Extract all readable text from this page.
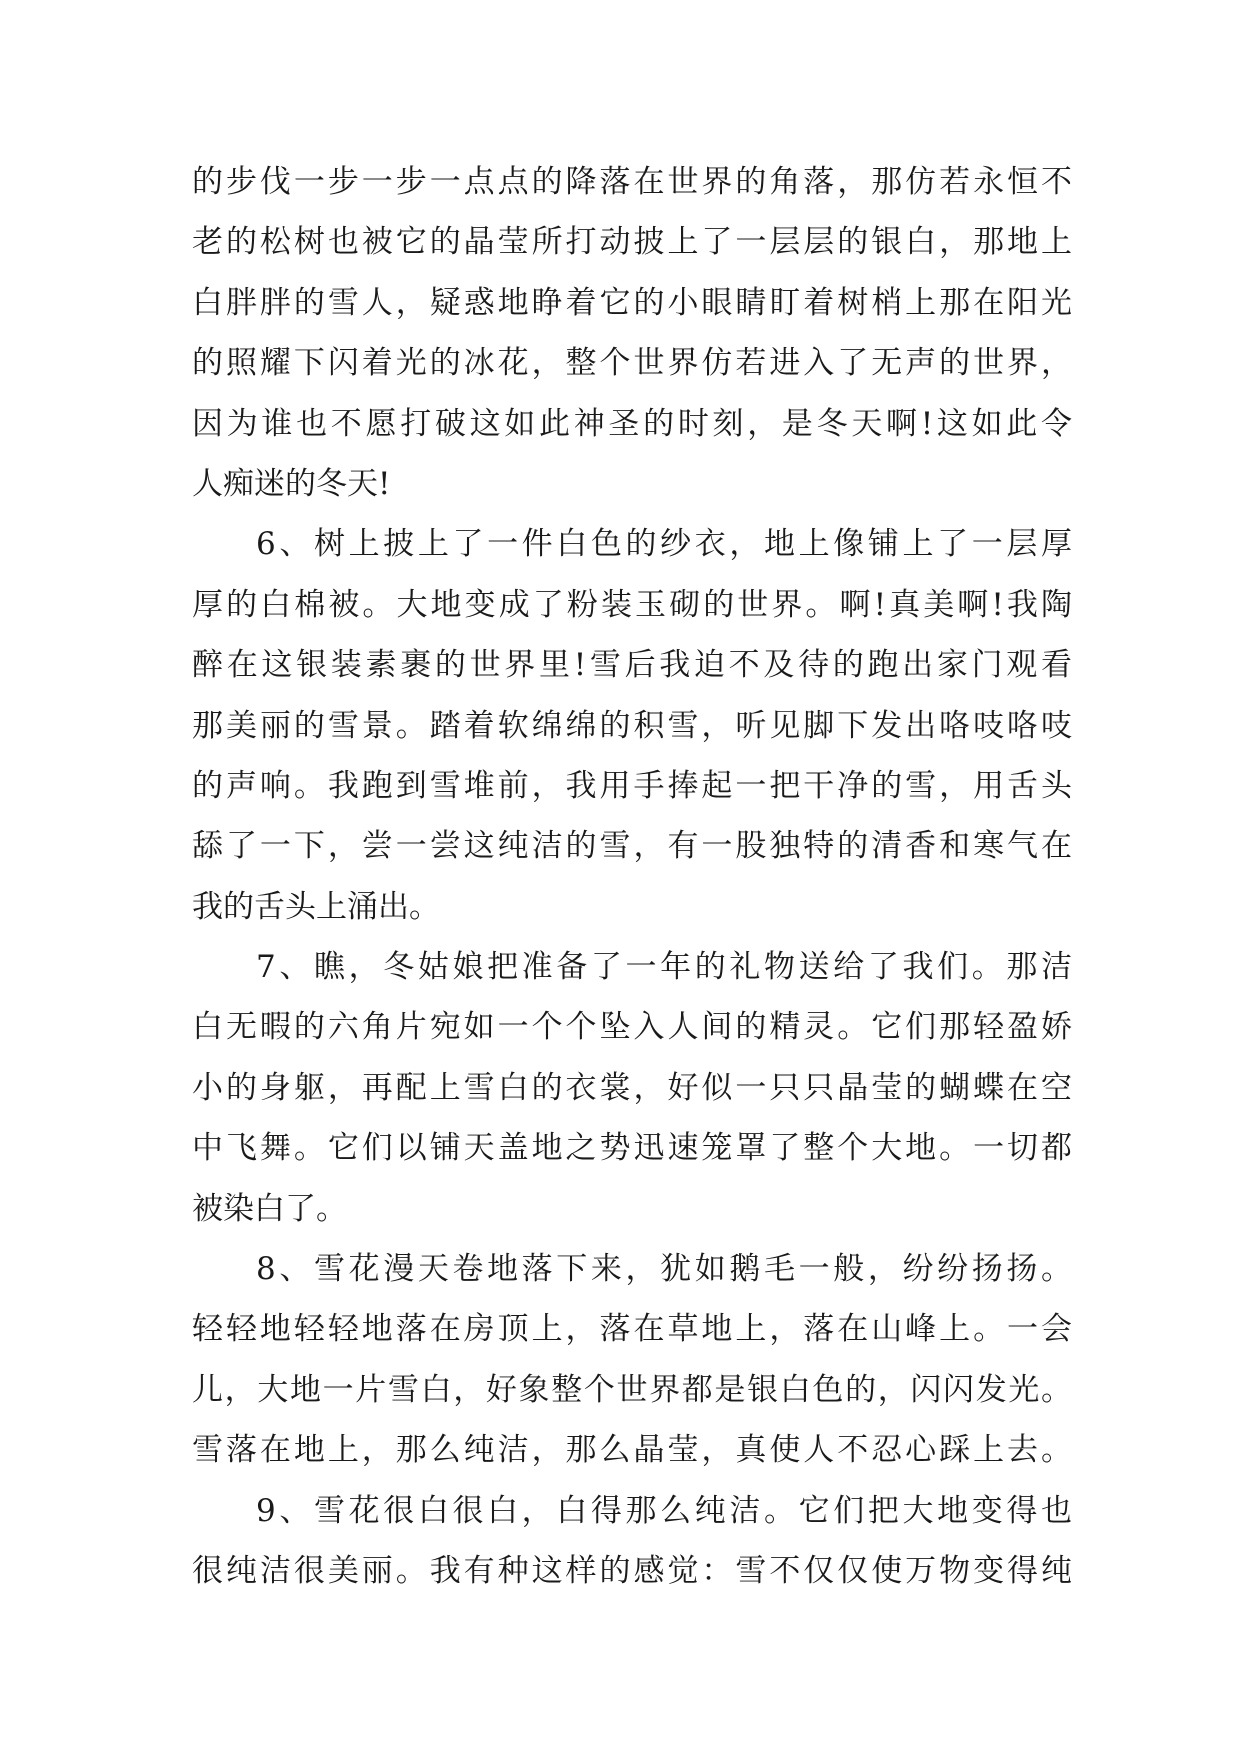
的步伐一步一步一点点的降落在世界的角落，那仿若永恒不
老的松树也被它的晶莹所打动披上了一层层的银白，那地上
白胖胖的雪人，疑惑地睁着它的小眼睛盯着树梢上那在阳光
的照耀下闪着光的冰花，整个世界仿若进入了无声的世界，
因为谁也不愿打破这如此神圣的时刻，是冬天啊!这如此令
人痴迷的冬天!
6、树上披上了一件白色的纱衣，地上像铺上了一层厚
厚的白棉被。大地变成了粉装玉砌的世界。啊!真美啊!我陶
醉在这银装素裹的世界里!雪后我迫不及待的跑出家门观看
那美丽的雪景。踏着软绵绵的积雪，听见脚下发出咯吱咯吱
的声响。我跑到雪堆前，我用手捧起一把干净的雪，用舌头
舔了一下，尝一尝这纯洁的雪，有一股独特的清香和寒气在
我的舌头上涌出。
7、瞧，冬姑娘把准备了一年的礼物送给了我们。那洁
白无暇的六角片宛如一个个坠入人间的精灵。它们那轻盈娇
小的身躯，再配上雪白的衣裳，好似一只只晶莹的蝴蝶在空
中飞舞。它们以铺天盖地之势迅速笼罩了整个大地。一切都
被染白了。
8、雪花漫天卷地落下来，犹如鹅毛一般，纷纷扬扬。
轻轻地轻轻地落在房顶上，落在草地上，落在山峰上。一会
儿，大地一片雪白，好象整个世界都是银白色的，闪闪发光。
雪落在地上，那么纯洁，那么晶莹，真使人不忍心踩上去。
9、雪花很白很白，白得那么纯洁。它们把大地变得也
很纯洁很美丽。我有种这样的感觉：雪不仅仅使万物变得纯
